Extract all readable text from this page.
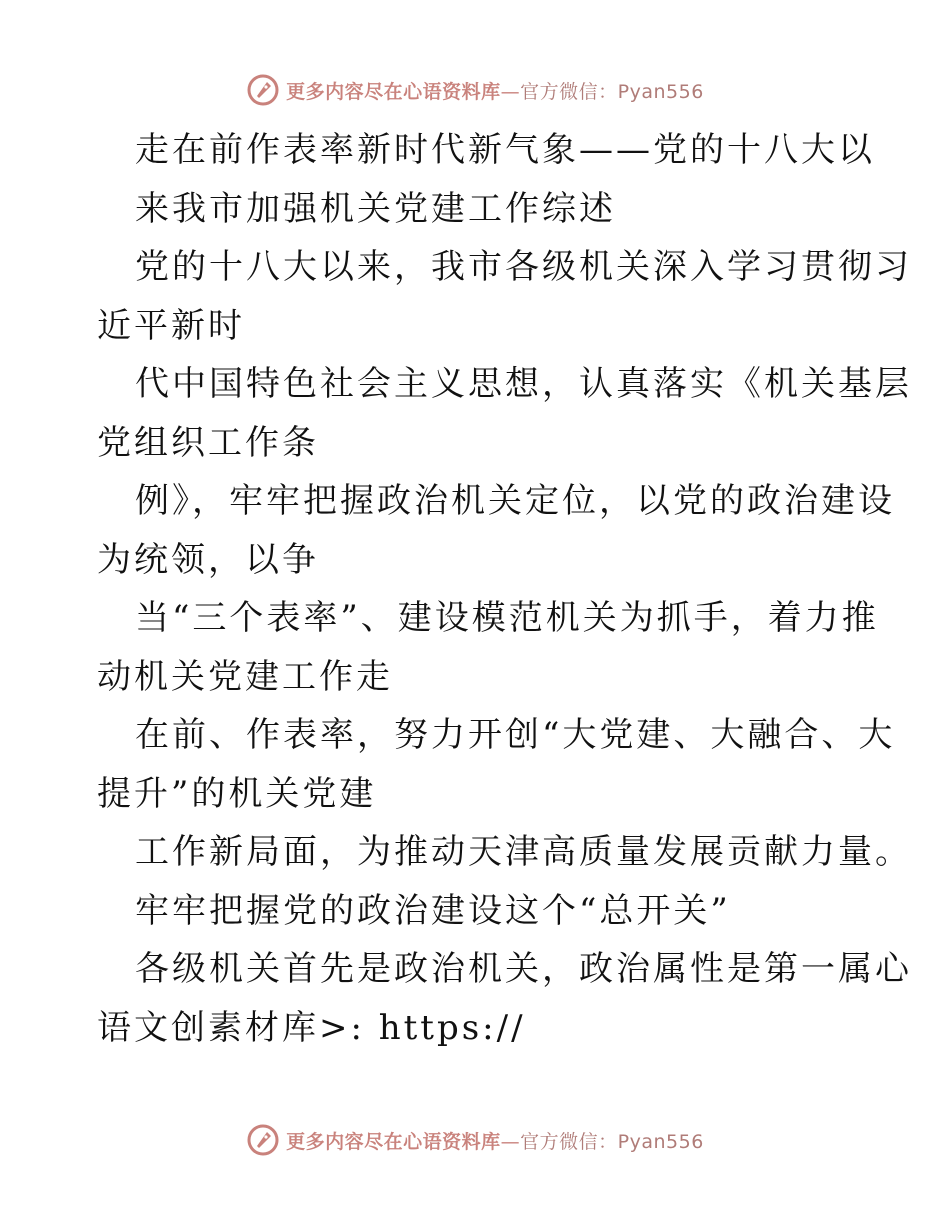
更多内容尽在心语资料库—官方微信：Pyan556
走在前作表率新时代新气象——党的十八大以
来我市加强机关党建工作综述
党的十八大以来，我市各级机关深入学习贯彻习
近平新时
代中国特色社会主义思想，认真落实《机关基层
党组织工作条
例》，牢牢把握政治机关定位，以党的政治建设
为统领，以争
当“三个表率”、建设模范机关为抓手，着力推
动机关党建工作走
在前、作表率，努力开创“大党建、大融合、大
提升”的机关党建
工作新局面，为推动天津高质量发展贡献力量。
牢牢把握党的政治建设这个“总开关”
各级机关首先是政治机关，政治属性是第一属心
语文创素材库>: https://
更多内容尽在心语资料库—官方微信：Pyan556
